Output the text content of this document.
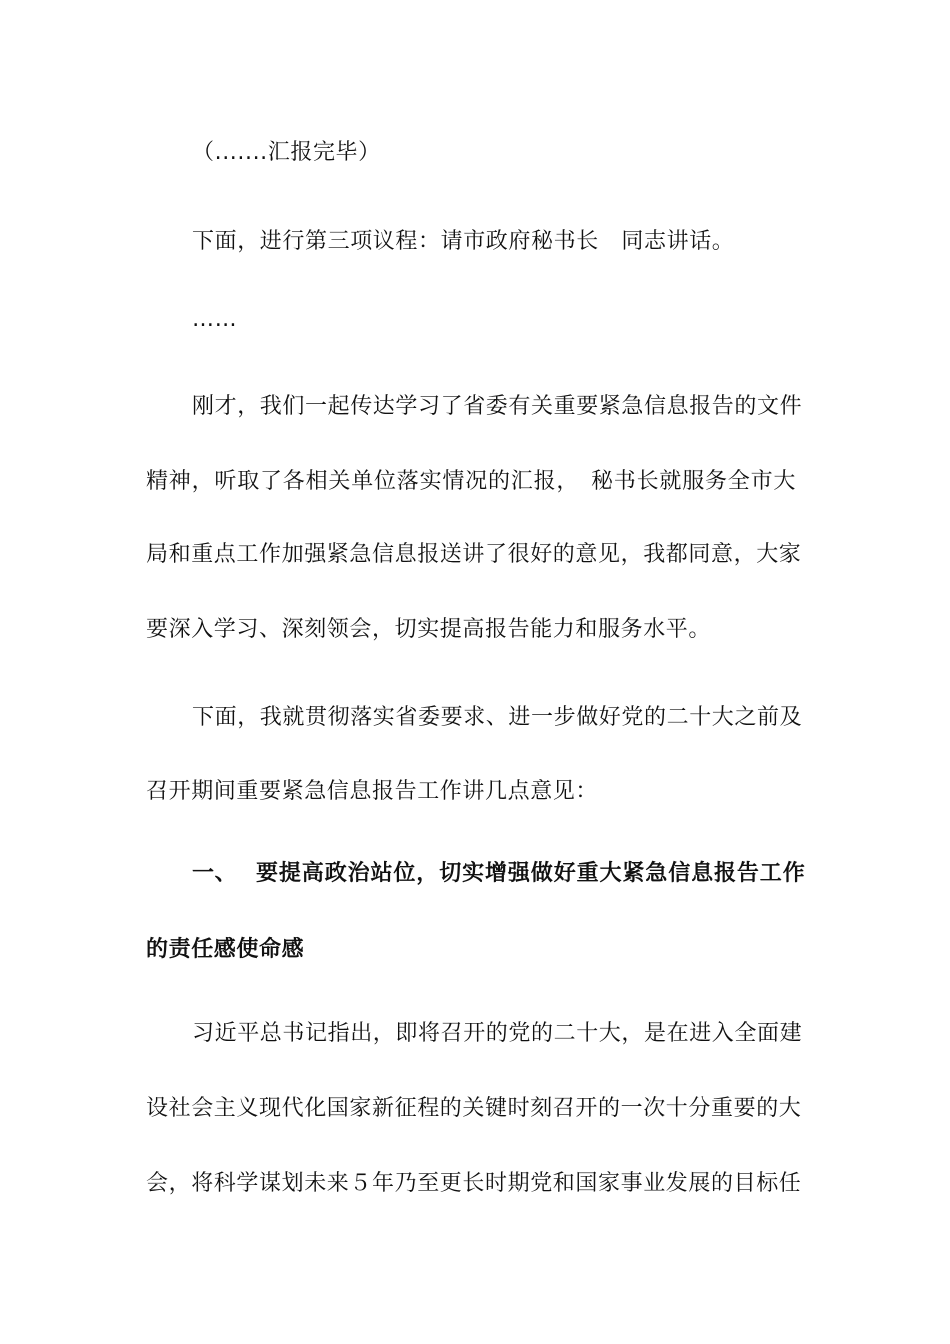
（.......汇报完毕）
下面，进行第三项议程：请市政府秘书长　同志讲话。
……
刚才，我们一起传达学习了省委有关重要紧急信息报告的文件
精神，听取了各相关单位落实情况的汇报，　秘书长就服务全市大
局和重点工作加强紧急信息报送讲了很好的意见，我都同意，大家
要深入学习、深刻领会，切实提高报告能力和服务水平。
下面，我就贯彻落实省委要求、进一步做好党的二十大之前及
召开期间重要紧急信息报告工作讲几点意见：
一、 要提高政治站位，切实增强做好重大紧急信息报告工作
的责任感使命感
习近平总书记指出，即将召开的党的二十大，是在进入全面建
设社会主义现代化国家新征程的关键时刻召开的一次十分重要的大
会，将科学谋划未来５年乃至更长时期党和国家事业发展的目标任
